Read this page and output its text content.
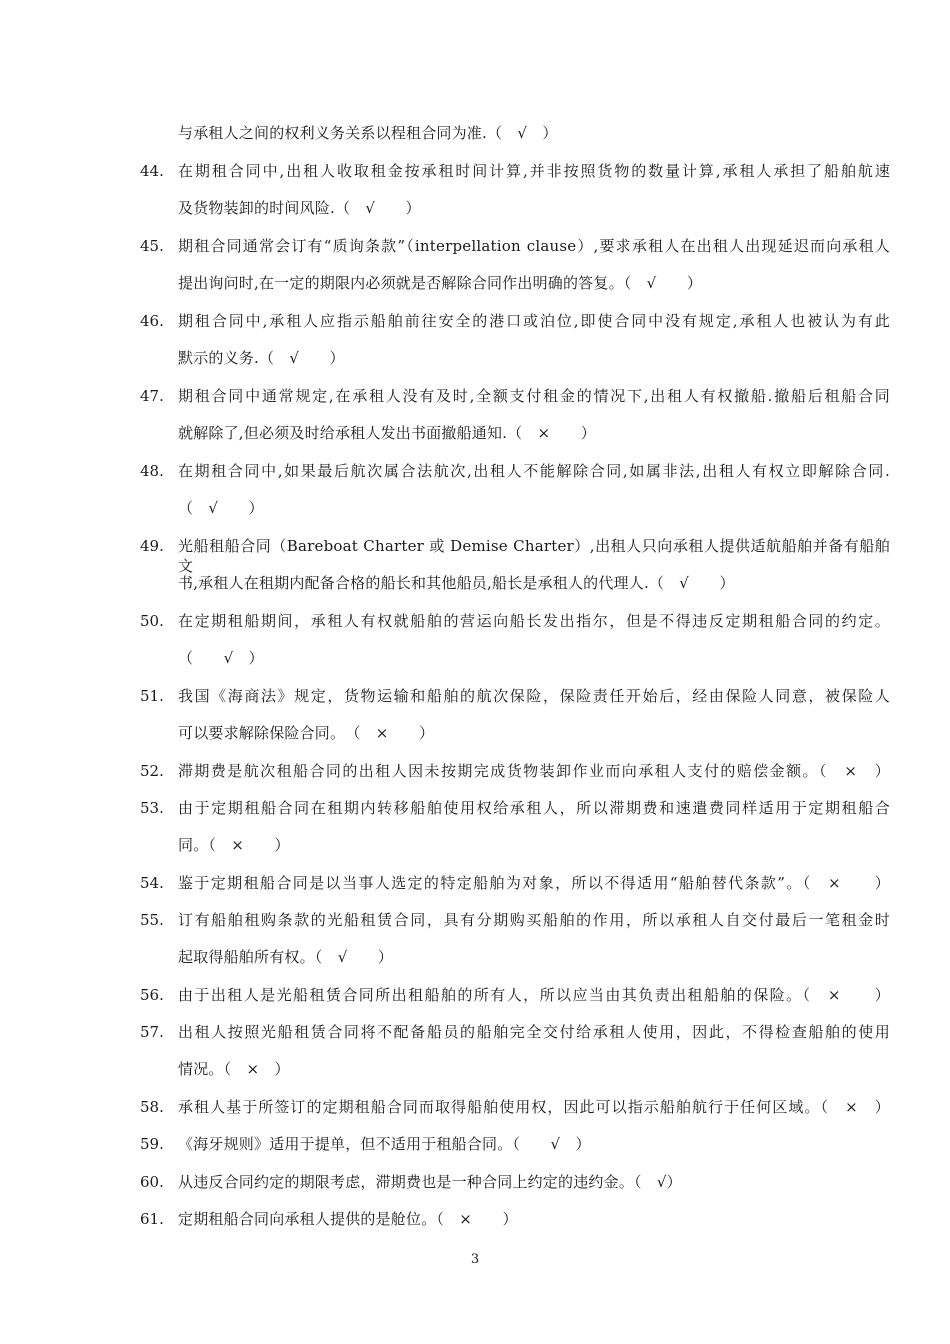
与承租人之间的权利义务关系以程租合同为准.（　√　）
44. 在期租合同中,出租人收取租金按承租时间计算,并非按照货物的数量计算,承租人承担了船舶航速
及货物装卸的时间风险.（　√　　）
45. 期租合同通常会订有“质询条款”（interpellation clause）,要求承租人在出租人出现延迟而向承租人
提出询问时,在一定的期限内必须就是否解除合同作出明确的答复。（　√　　）
46. 期租合同中,承租人应指示船舶前往安全的港口或泊位,即使合同中没有规定,承租人也被认为有此
默示的义务.（　√　　）
47. 期租合同中通常规定,在承租人没有及时,全额支付租金的情况下,出租人有权撤船.撤船后租船合同
就解除了,但必须及时给承租人发出书面撤船通知.（　×　　）
48. 在期租合同中,如果最后航次属合法航次,出租人不能解除合同,如属非法,出租人有权立即解除合同.
（　√　　）
49. 光船租船合同（Bareboat Charter 或 Demise Charter）,出租人只向承租人提供适航船舶并备有船舶文
书,承租人在租期内配备合格的船长和其他船员,船长是承租人的代理人.（　√　　）
50. 在定期租船期间，承租人有权就船舶的营运向船长发出指尔，但是不得违反定期租船合同的约定。
（　　√　）
51. 我国《海商法》规定，货物运输和船舶的航次保险，保险责任开始后，经由保险人同意，被保险人
可以要求解除保险合同。　（　×　　）
52. 滞期费是航次租船合同的出租人因未按期完成货物装卸作业而向承租人支付的赔偿金额。（　×　）
53. 由于定期租船合同在租期内转移船舶使用权给承租人，所以滞期费和速遣费同样适用于定期租船合
同。（　×　　）
54. 鉴于定期租船合同是以当事人选定的特定船舶为对象，所以不得适用“船舶替代条款”。（　×　　）
55. 订有船舶租购条款的光船租赁合同，具有分期购买船舶的作用，所以承租人自交付最后一笔租金时
起取得船舶所有权。（　√　　）
56. 由于出租人是光船租赁合同所出租船舶的所有人，所以应当由其负责出租船舶的保险。（　×　　）
57. 出租人按照光船租赁合同将不配备船员的船舶完全交付给承租人使用，因此，不得检查船舶的使用
情况。（　×　）
58. 承租人基于所签订的定期租船合同而取得船舶使用权，因此可以指示船舶航行于任何区域。（　×　）
59. 《海牙规则》适用于提单，但不适用于租船合同。（　　√　）
60. 从违反合同约定的期限考虑，滞期费也是一种合同上约定的违约金。（　√）
61. 定期租船合同向承租人提供的是舱位。（　×　　）
3
